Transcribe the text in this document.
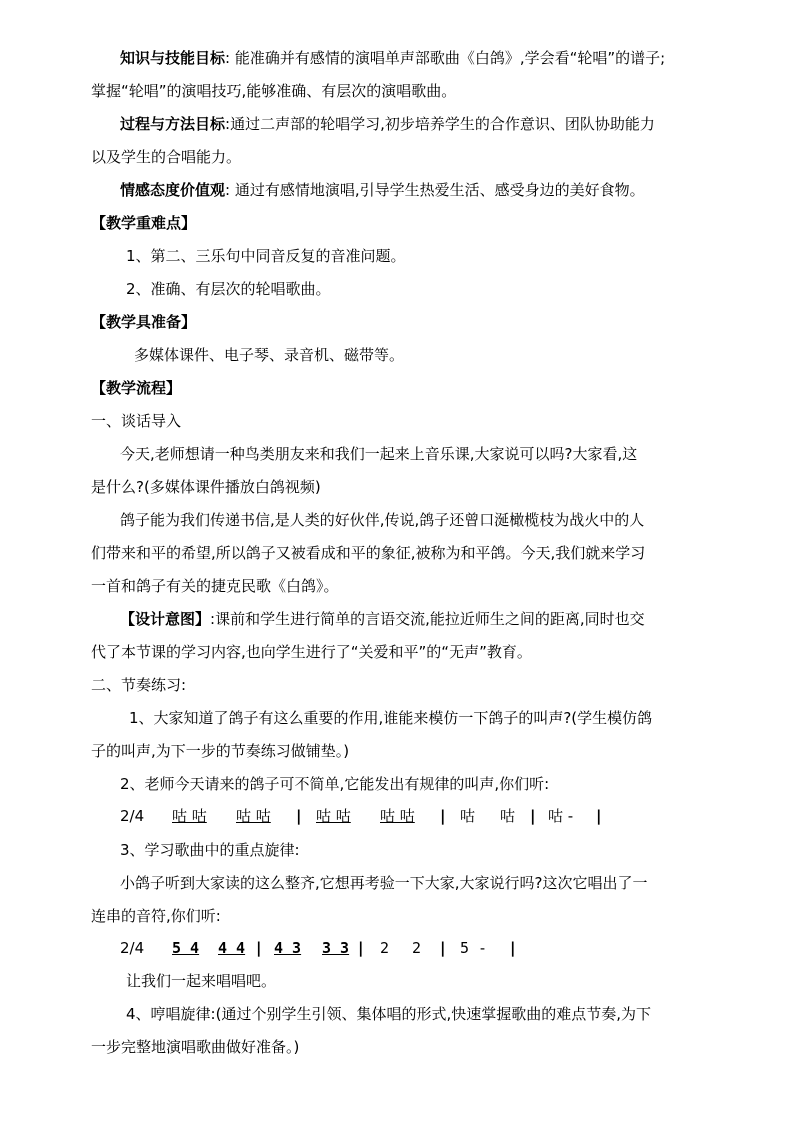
知识与技能目标: 能准确并有感情的演唱单声部歌曲《白鸽》,学会看“轮唱”的谱子;
掌握“轮唱”的演唱技巧,能够准确、有层次的演唱歌曲。
过程与方法目标:通过二声部的轮唱学习,初步培养学生的合作意识、团队协助能力
以及学生的合唱能力。
情感态度价值观: 通过有感情地演唱,引导学生热爱生活、感受身边的美好食物。
【教学重难点】
1、第二、三乐句中同音反复的音准问题。
2、准确、有层次的轮唱歌曲。
【教学具准备】
多媒体课件、电子琴、录音机、磁带等。
【教学流程】
一、谈话导入
今天,老师想请一种鸟类朋友来和我们一起来上音乐课,大家说可以吗?大家看,这
是什么?(多媒体课件播放白鸽视频)
鸽子能为我们传递书信,是人类的好伙伴,传说,鸽子还曾口涎橄榄枝为战火中的人
们带来和平的希望,所以鸽子又被看成和平的象征,被称为和平鸽。今天,我们就来学习
一首和鸽子有关的捷克民歌《白鸽》。
【设计意图】:课前和学生进行简单的言语交流,能拉近师生之间的距离,同时也交
代了本节课的学习内容,也向学生进行了“关爱和平”的“无声”教育。
二、节奏练习:
1、大家知道了鸽子有这么重要的作用,谁能来模仿一下鸽子的叫声?(学生模仿鸽
子的叫声,为下一步的节奏练习做铺垫。)
2、老师今天请来的鸽子可不简单,它能发出有规律的叫声,你们听:
2/4 咕 咕 咕 咕 | 咕 咕 咕 咕 | 咕 咕 | 咕 - |
3、学习歌曲中的重点旋律:
小鸽子听到大家读的这么整齐,它想再考验一下大家,大家说行吗?这次它唱出了一
连串的音符,你们听:
2/4 5 4 4 4 | 4 3 3 3 | 2 2 | 5 - |
让我们一起来唱唱吧。
4、哼唱旋律:(通过个别学生引领、集体唱的形式,快速掌握歌曲的难点节奏,为下
一步完整地演唱歌曲做好准备。)
